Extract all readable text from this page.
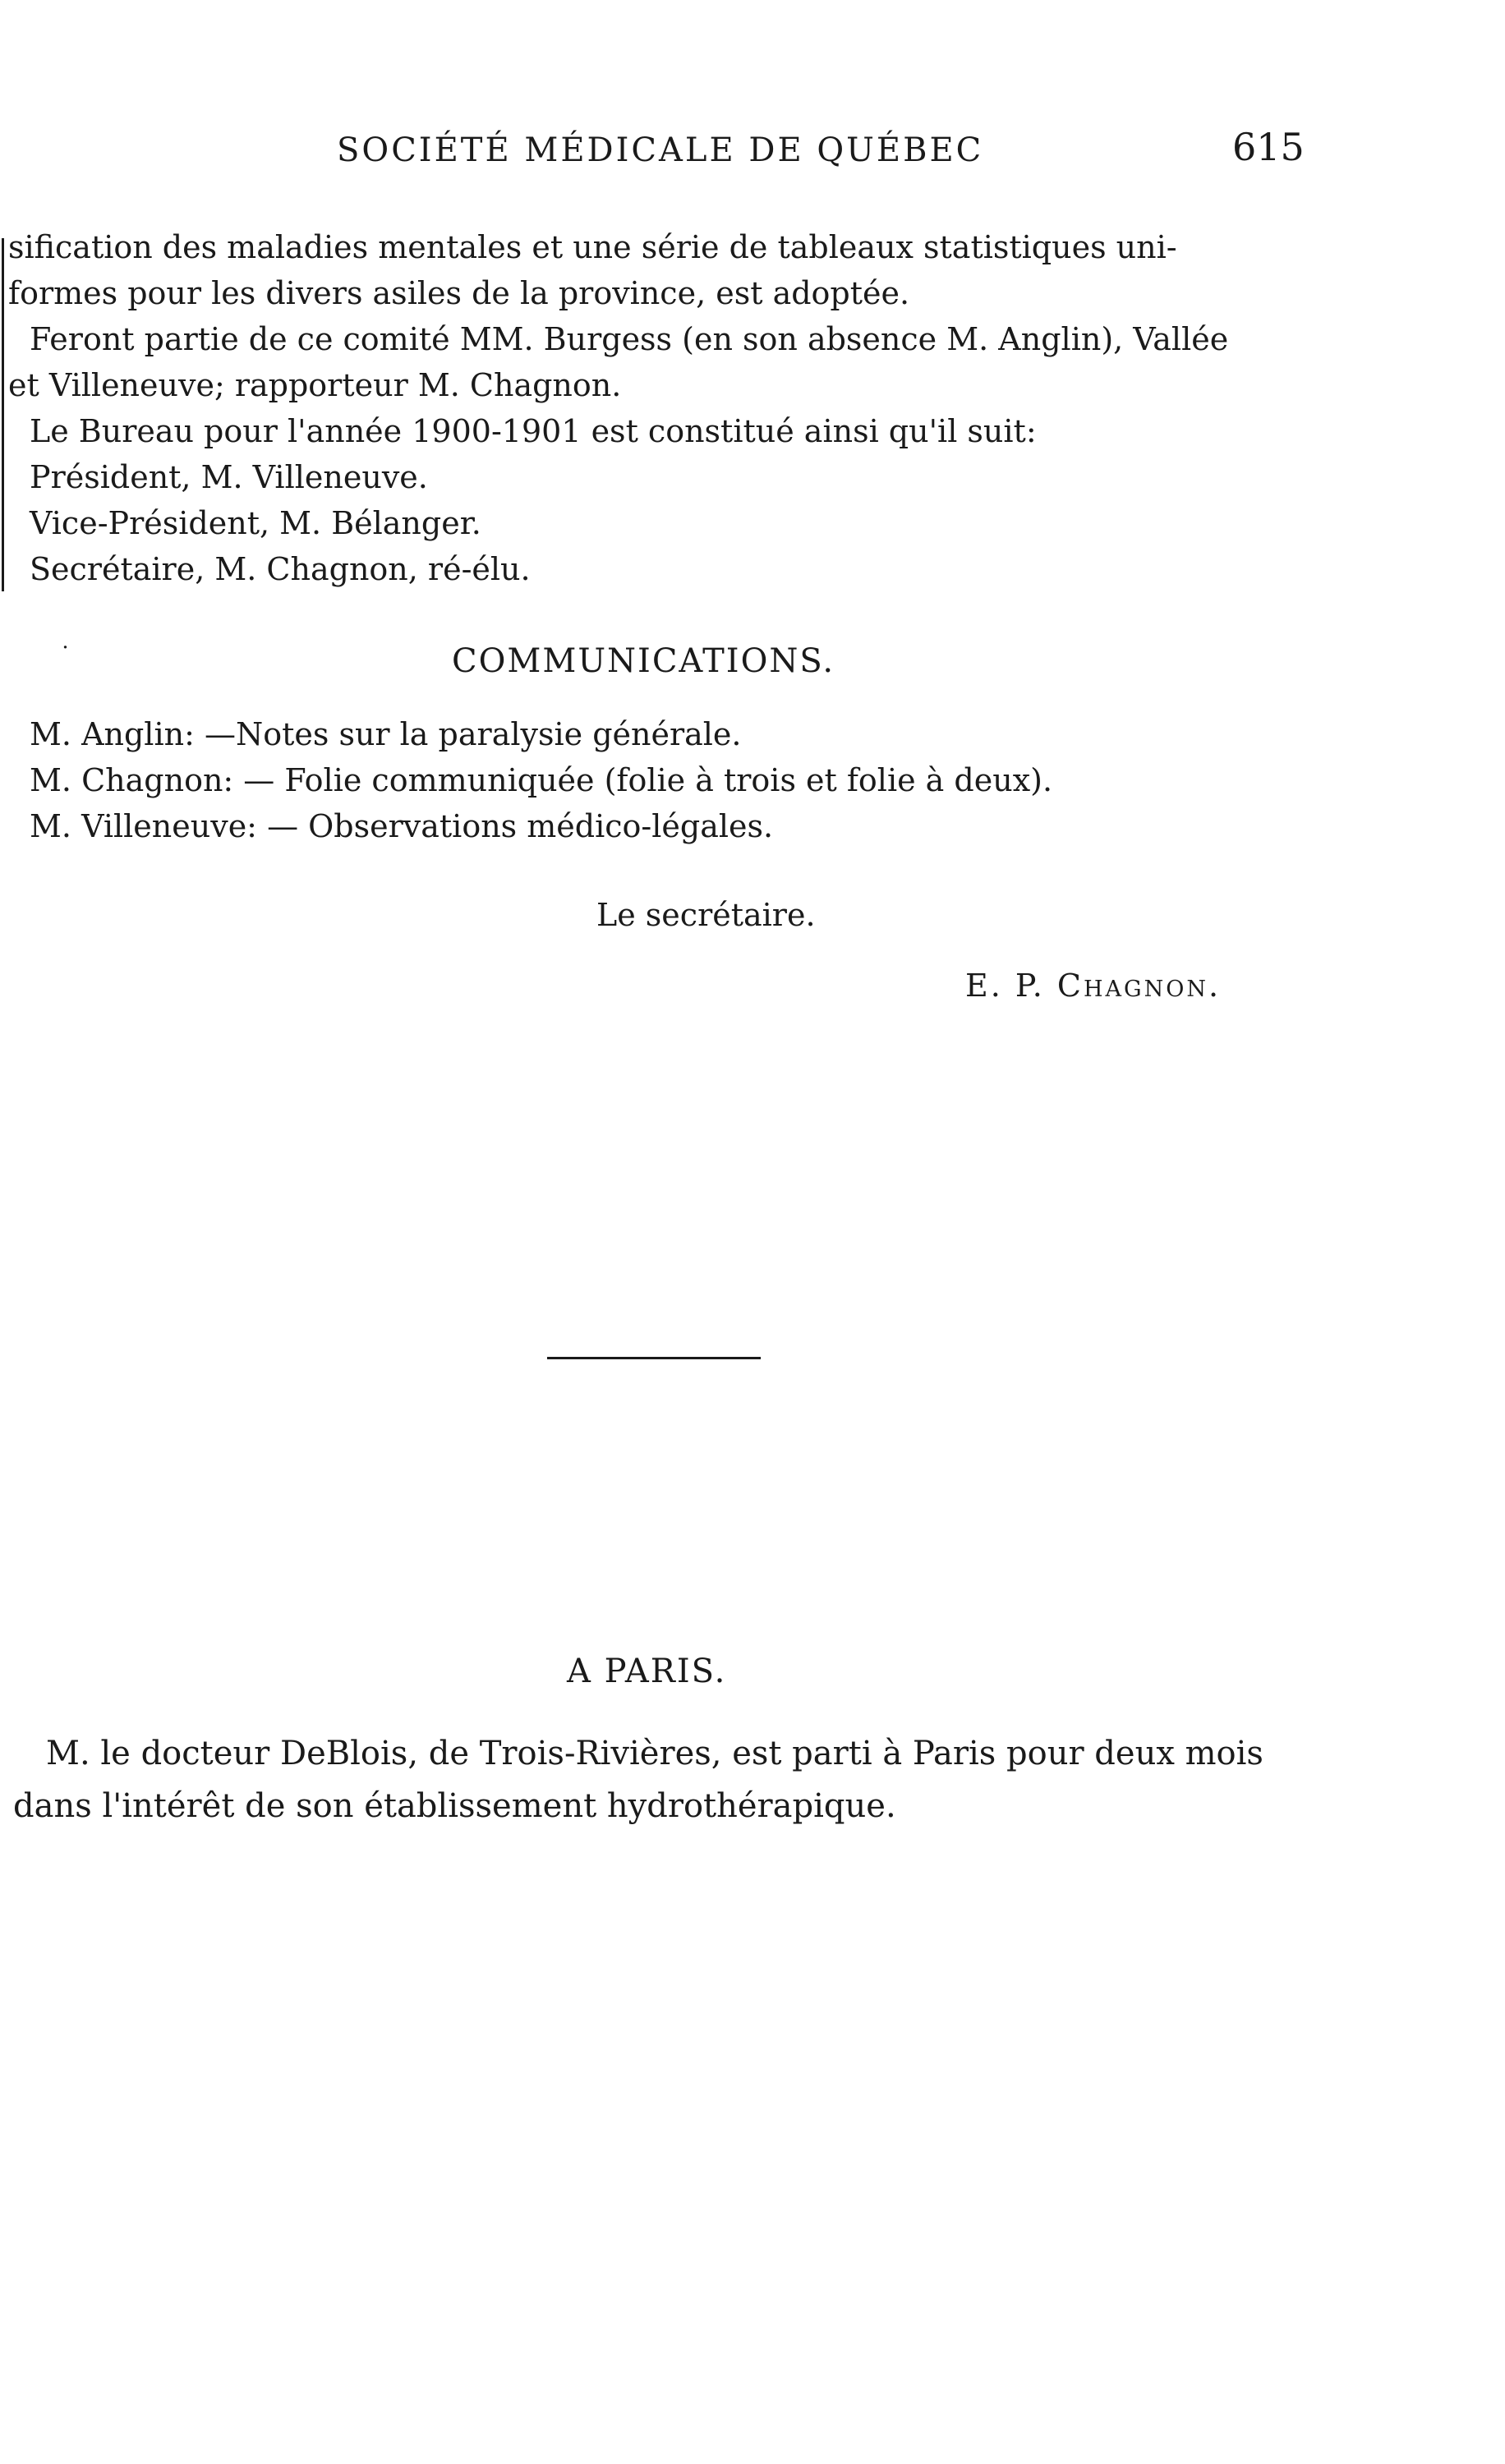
SOCIÉTÉ MÉDICALE DE QUÉBEC	615
sification des maladies mentales et une série de tableaux statistiques uni-
formes pour les divers asiles de la province, est adoptée.
Feront partie de ce comité MM. Burgess (en son absence M. Anglin), Vallée
et Villeneuve; rapporteur M. Chagnon.
Le Bureau pour l'année 1900-1901 est constitué ainsi qu'il suit:
Président, M. Villeneuve.
Vice-Président, M. Bélanger.
Secrétaire, M. Chagnon, ré-élu.
˙	COMMUNICATIONS.
M. Anglin: —Notes sur la paralysie générale.
M. Chagnon: — Folie communiquée (folie à trois et folie à deux).
M. Villeneuve: — Observations médico-légales.
Le secrétaire.
E. P. Chagnon.
A PARIS.
M. le docteur DeBlois, de Trois-Rivières, est parti à Paris pour deux mois
dans l'intérêt de son établissement hydrothérapique.
